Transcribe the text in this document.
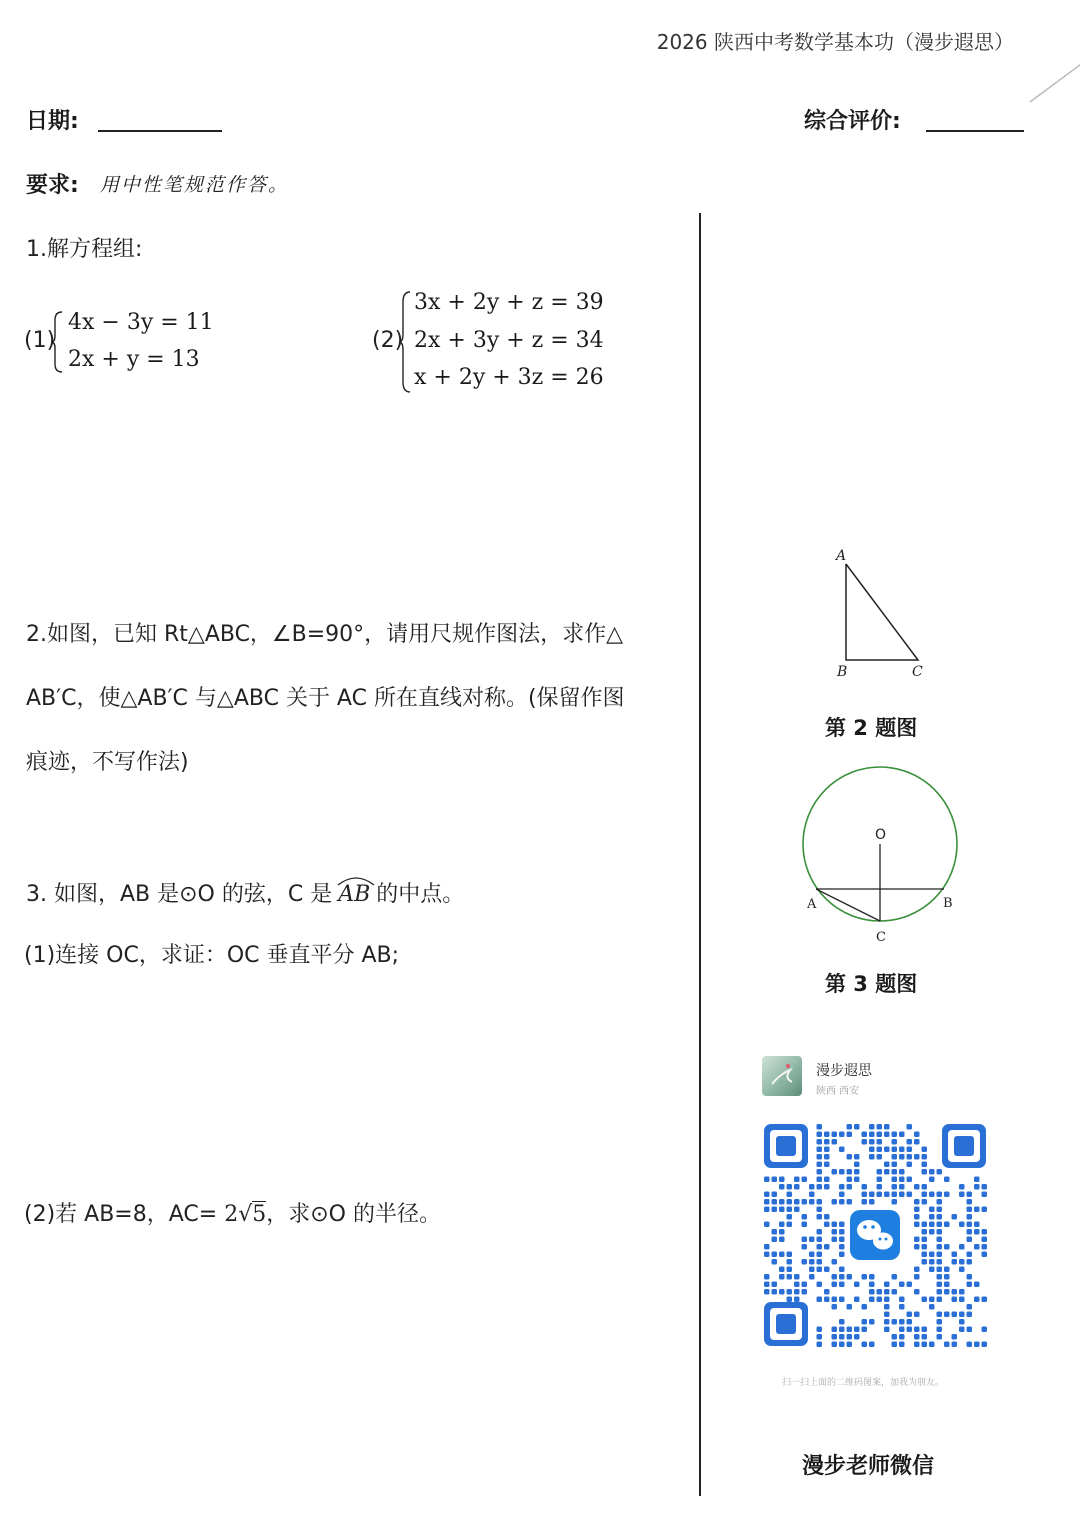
2026 陕西中考数学基本功（漫步遐思）
日期:	综合评价:
要求: 用中性笔规范作答。
1.解方程组:
(1)
4x − 3y = 11
2x + y = 13
(2)
3x + 2y + z = 39
2x + 3y + z = 34
x + 2y + 3z = 26
2.如图，已知 Rt△ABC，∠B=90°，请用尺规作图法，求作△
AB′C，使△AB′C 与△ABC 关于 AC 所在直线对称。(保留作图
痕迹，不写作法)
3. 如图，AB 是⊙O 的弦，C 是 AB 的中点。
(1)连接 OC，求证：OC 垂直平分 AB;
(2)若 AB=8，AC= 2√5，求⊙O 的半径。
A
B	C
第 2 题图
O
A	B
C
第 3 题图
漫步遐思
陕西 西安
扫一扫上面的二维码图案，加我为朋友。
漫步老师微信
